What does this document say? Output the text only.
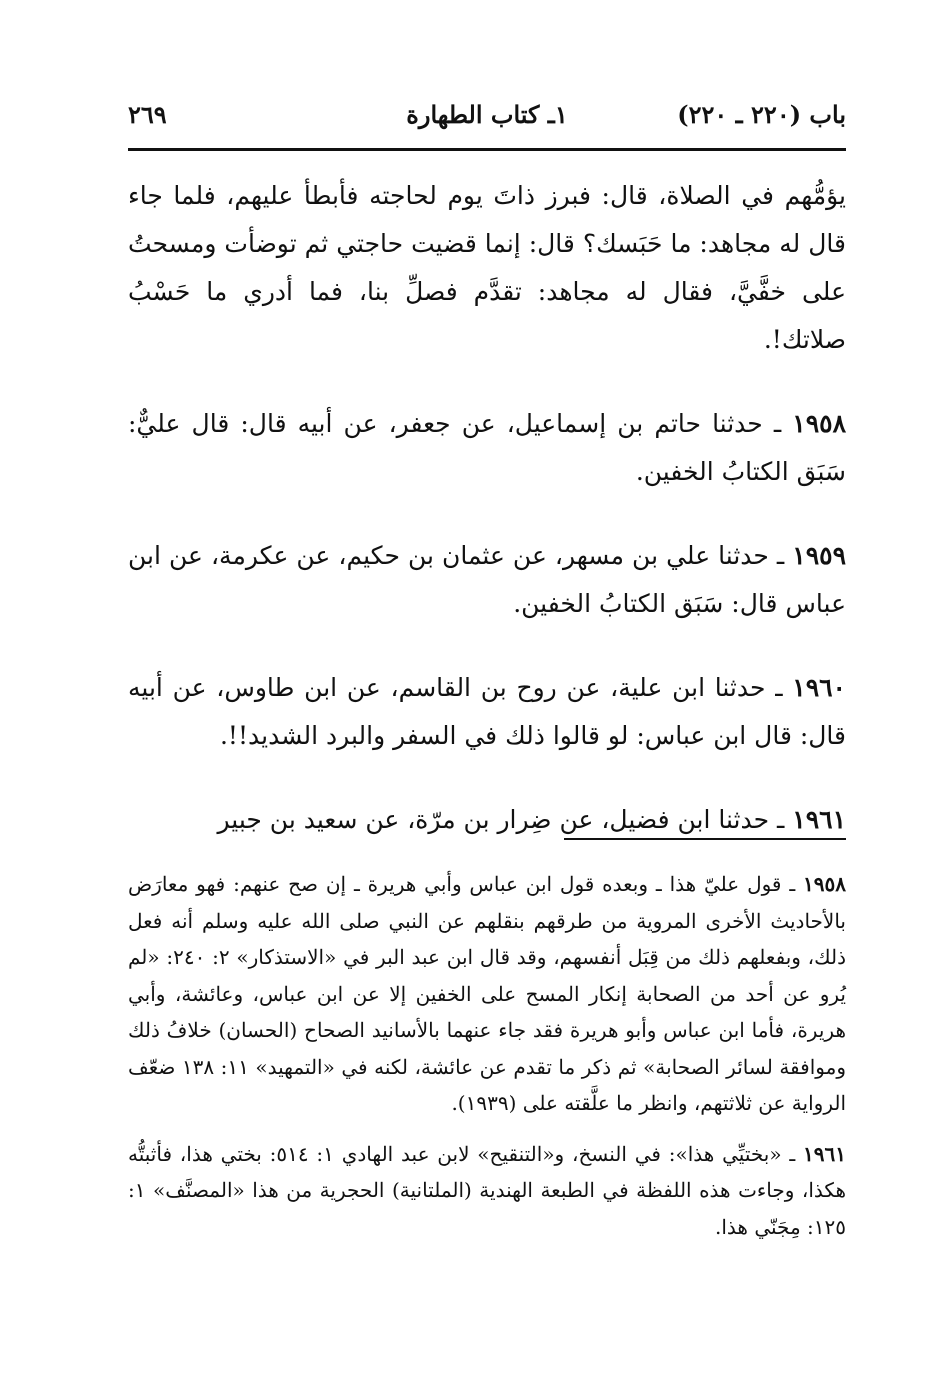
باب (٢٢٠ ـ ٢٢٠)
١ـ كتاب الطهارة
٢٦٩

يؤمُّهم في الصلاة، قال: فبرز ذاتَ يوم لحاجته فأبطأ عليهم، فلما جاء قال له مجاهد: ما حَبَسك؟ قال: إنما قضيت حاجتي ثم توضأت ومسحتُ على خفَّيَّ، فقال له مجاهد: تقدَّم فصلِّ بنا، فما أدري ما حَسْبُ صلاتك!.

١٩٥٨ ـ حدثنا حاتم بن إسماعيل، عن جعفر، عن أبيه قال: قال عليٌّ: سَبَق الكتابُ الخفين.

١٩٥٩ ـ حدثنا علي بن مسهر، عن عثمان بن حكيم، عن عكرمة، عن ابن عباس قال: سَبَق الكتابُ الخفين.

١٩٦٠ ـ حدثنا ابن علية، عن روح بن القاسم، عن ابن طاوس، عن أبيه قال: قال ابن عباس: لو قالوا ذلك في السفر والبرد الشديد!!.

١٩٦١ ـ حدثنا ابن فضيل، عن ضِرار بن مرّة، عن سعيد بن جبير

١٩٥٨ ـ قول عليّ هذا ـ وبعده قول ابن عباس وأبي هريرة ـ إن صح عنهم: فهو معارَض بالأحاديث الأخرى المروية من طرقهم بنقلهم عن النبي صلى الله عليه وسلم أنه فعل ذلك، وبفعلهم ذلك من قِبَل أنفسهم، وقد قال ابن عبد البر في «الاستذكار» ٢: ٢٤٠: «لم يُرو عن أحد من الصحابة إنكار المسح على الخفين إلا عن ابن عباس، وعائشة، وأبي هريرة، فأما ابن عباس وأبو هريرة فقد جاء عنهما بالأسانيد الصحاح (الحسان) خلافُ ذلك وموافقة لسائر الصحابة» ثم ذكر ما تقدم عن عائشة، لكنه في «التمهيد» ١١: ١٣٨ ضعّف الرواية عن ثلاثتهم، وانظر ما علَّقته على (١٩٣٩).

١٩٦١ ـ «بختيِّي هذا»: في النسخ، و«التنقيح» لابن عبد الهادي ١: ٥١٤: بختي هذا، فأثبتُّه هكذا، وجاءت هذه اللفظة في الطبعة الهندية (الملتانية) الحجرية من هذا «المصنَّف» ١: ١٢٥: مِجَنّي هذا.
